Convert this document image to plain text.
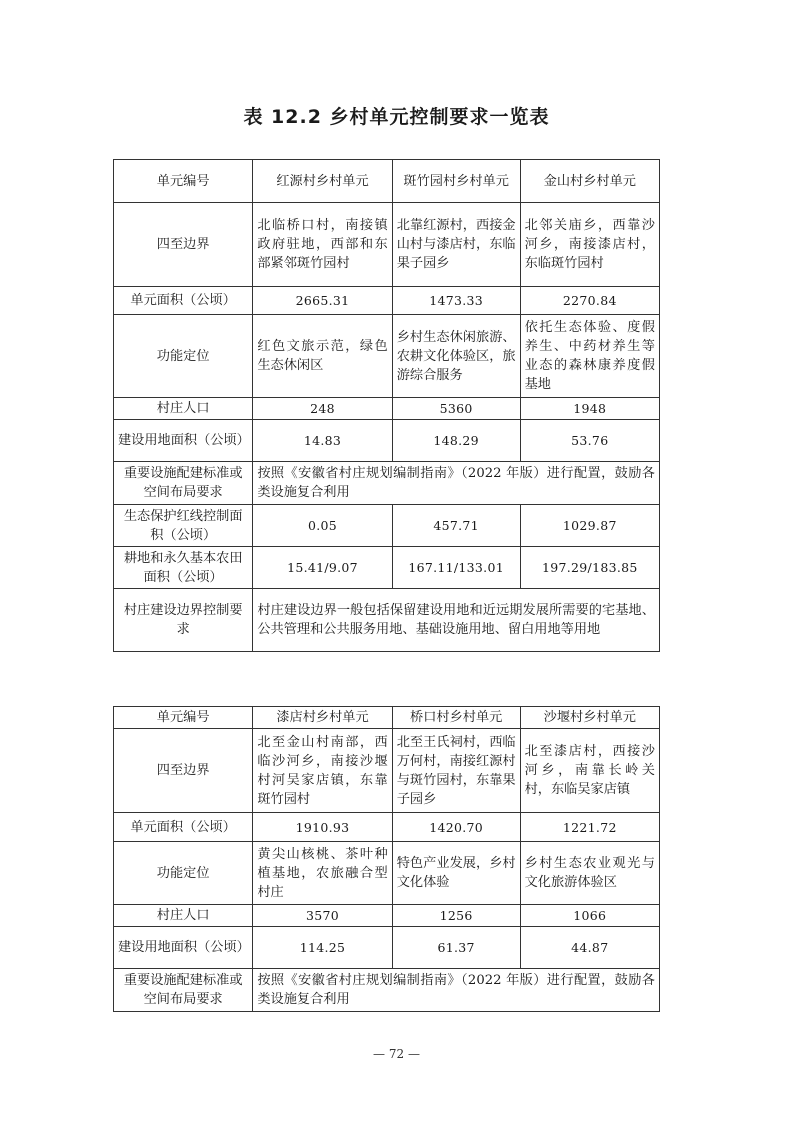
表 12.2 乡村单元控制要求一览表
单元编号	红源村乡村单元	斑竹园村乡村单元	金山村乡村单元
四至边界	北临桥口村，南接镇政府驻地，西部和东部紧邻斑竹园村	北靠红源村，西接金山村与漆店村，东临果子园乡	北邻关庙乡，西靠沙河乡，南接漆店村，东临斑竹园村
单元面积（公顷）	2665.31	1473.33	2270.84
功能定位	红色文旅示范，绿色生态休闲区	乡村生态休闲旅游、农耕文化体验区，旅游综合服务	依托生态体验、度假养生、中药材养生等业态的森林康养度假基地
村庄人口	248	5360	1948
建设用地面积（公顷）	14.83	148.29	53.76
重要设施配建标准或空间布局要求	按照《安徽省村庄规划编制指南》（2022 年版）进行配置，鼓励各类设施复合利用		
生态保护红线控制面积（公顷）	0.05	457.71	1029.87
耕地和永久基本农田面积（公顷）	15.41/9.07	167.11/133.01	197.29/183.85
村庄建设边界控制要求	村庄建设边界一般包括保留建设用地和近远期发展所需要的宅基地、公共管理和公共服务用地、基础设施用地、留白用地等用地		
单元编号	漆店村乡村单元	桥口村乡村单元	沙堰村乡村单元
四至边界	北至金山村南部，西临沙河乡，南接沙堰村河吴家店镇，东靠斑竹园村	北至王氏祠村，西临万何村，南接红源村与斑竹园村，东靠果子园乡	北至漆店村，西接沙河乡，南靠长岭关村，东临吴家店镇
单元面积（公顷）	1910.93	1420.70	1221.72
功能定位	黄尖山核桃、茶叶种植基地，农旅融合型村庄	特色产业发展，乡村文化体验	乡村生态农业观光与文化旅游体验区
村庄人口	3570	1256	1066
建设用地面积（公顷）	114.25	61.37	44.87
重要设施配建标准或空间布局要求	按照《安徽省村庄规划编制指南》（2022 年版）进行配置，鼓励各类设施复合利用		
— 72 —
